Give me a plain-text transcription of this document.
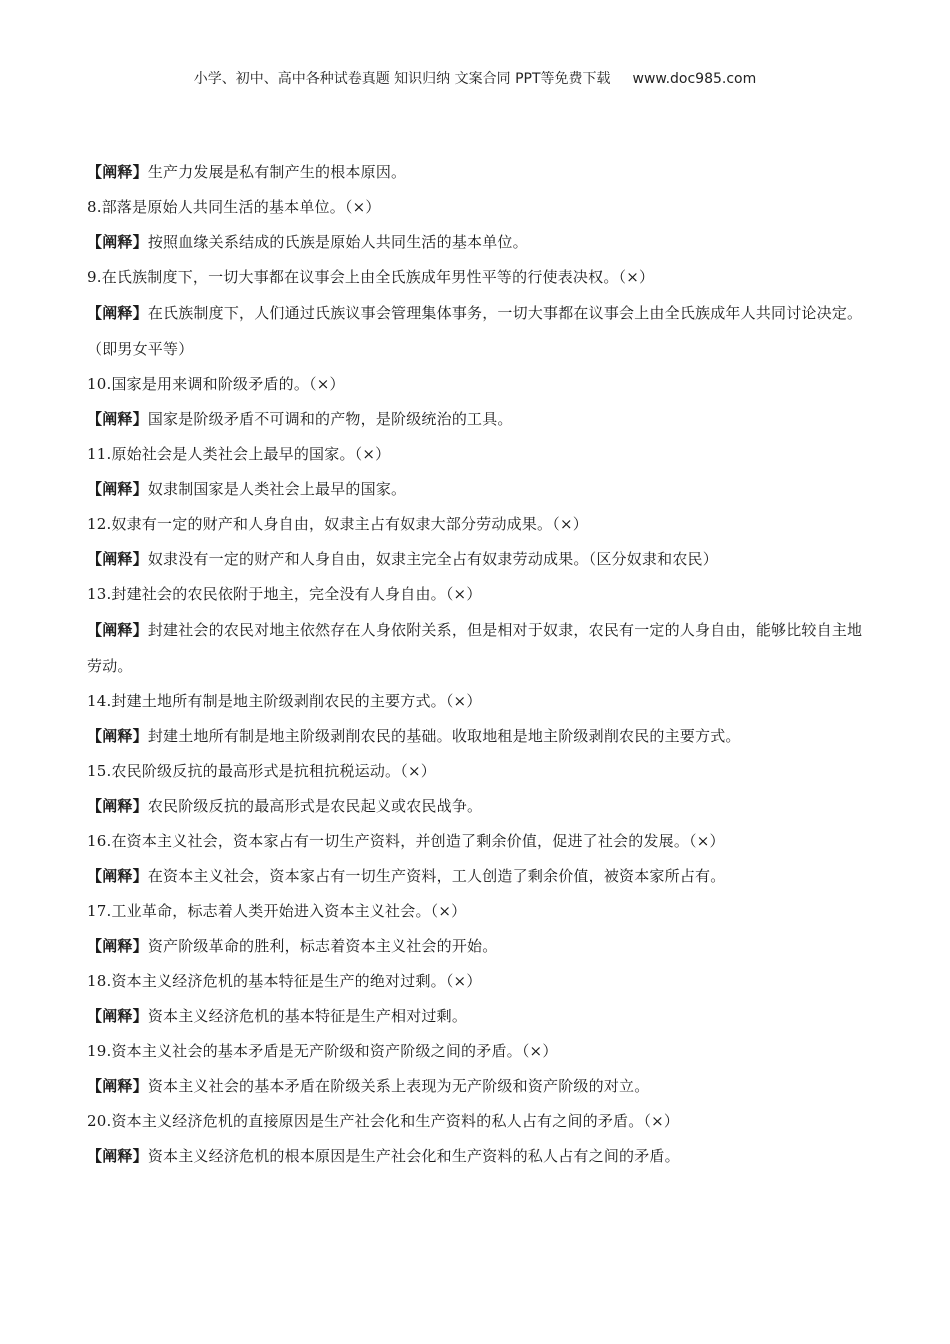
小学、初中、高中各种试卷真题 知识归纳 文案合同 PPT等免费下载 www.doc985.com
【阐释】生产力发展是私有制产生的根本原因。
8.部落是原始人共同生活的基本单位。（×）
【阐释】按照血缘关系结成的氏族是原始人共同生活的基本单位。
9.在氏族制度下，一切大事都在议事会上由全氏族成年男性平等的行使表决权。（×）
【阐释】在氏族制度下，人们通过氏族议事会管理集体事务，一切大事都在议事会上由全氏族成年人共同讨论决定。（即男女平等）
10.国家是用来调和阶级矛盾的。（×）
【阐释】国家是阶级矛盾不可调和的产物，是阶级统治的工具。
11.原始社会是人类社会上最早的国家。（×）
【阐释】奴隶制国家是人类社会上最早的国家。
12.奴隶有一定的财产和人身自由，奴隶主占有奴隶大部分劳动成果。（×）
【阐释】奴隶没有一定的财产和人身自由，奴隶主完全占有奴隶劳动成果。（区分奴隶和农民）
13.封建社会的农民依附于地主，完全没有人身自由。（×）
【阐释】封建社会的农民对地主依然存在人身依附关系，但是相对于奴隶，农民有一定的人身自由，能够比较自主地劳动。
14.封建土地所有制是地主阶级剥削农民的主要方式。（×）
【阐释】封建土地所有制是地主阶级剥削农民的基础。收取地租是地主阶级剥削农民的主要方式。
15.农民阶级反抗的最高形式是抗租抗税运动。（×）
【阐释】农民阶级反抗的最高形式是农民起义或农民战争。
16.在资本主义社会，资本家占有一切生产资料，并创造了剩余价值，促进了社会的发展。（×）
【阐释】在资本主义社会，资本家占有一切生产资料，工人创造了剩余价值，被资本家所占有。
17.工业革命，标志着人类开始进入资本主义社会。（×）
【阐释】资产阶级革命的胜利，标志着资本主义社会的开始。
18.资本主义经济危机的基本特征是生产的绝对过剩。（×）
【阐释】资本主义经济危机的基本特征是生产相对过剩。
19.资本主义社会的基本矛盾是无产阶级和资产阶级之间的矛盾。（×）
【阐释】资本主义社会的基本矛盾在阶级关系上表现为无产阶级和资产阶级的对立。
20.资本主义经济危机的直接原因是生产社会化和生产资料的私人占有之间的矛盾。（×）
【阐释】资本主义经济危机的根本原因是生产社会化和生产资料的私人占有之间的矛盾。
